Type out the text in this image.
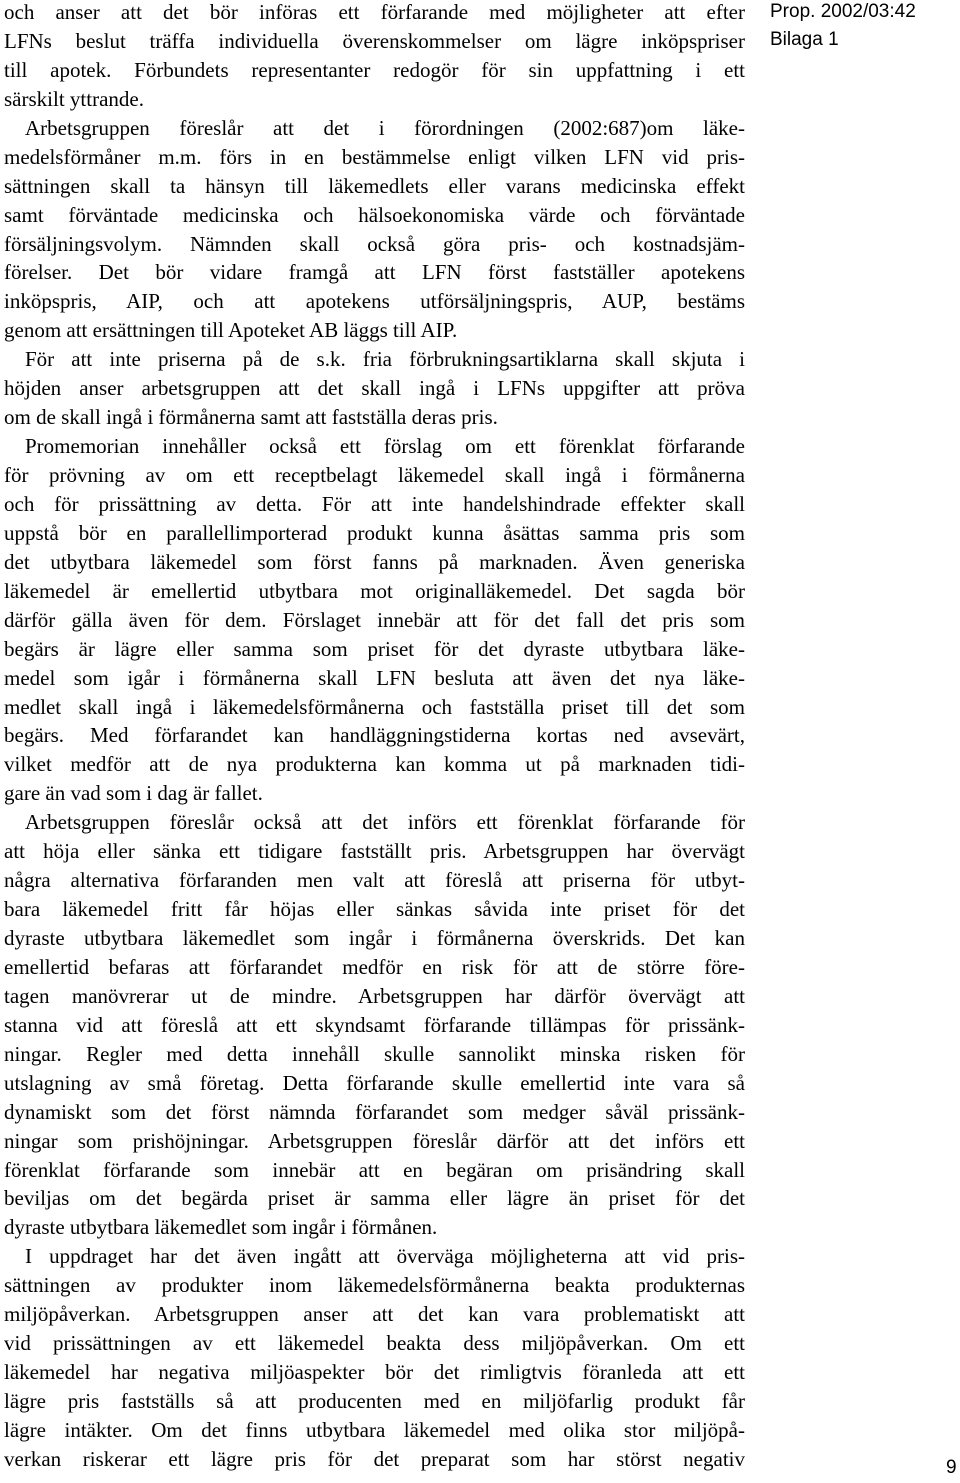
och anser att det bör införas ett förfarande med möjligheter att efter
LFNs beslut träffa individuella överenskommelser om lägre inköpspriser
till apotek. Förbundets representanter redogör för sin uppfattning i ett
särskilt yttrande.
Arbetsgruppen föreslår att det i förordningen (2002:687)om läke-
medelsförmåner m.m. förs in en bestämmelse enligt vilken LFN vid pris-
sättningen skall ta hänsyn till läkemedlets eller varans medicinska effekt
samt förväntade medicinska och hälsoekonomiska värde och förväntade
försäljningsvolym. Nämnden skall också göra pris- och kostnadsjäm-
förelser. Det bör vidare framgå att LFN först fastställer apotekens
inköpspris, AIP, och att apotekens utförsäljningspris, AUP, bestäms
genom att ersättningen till Apoteket AB läggs till AIP.
För att inte priserna på de s.k. fria förbrukningsartiklarna skall skjuta i
höjden anser arbetsgruppen att det skall ingå i LFNs uppgifter att pröva
om de skall ingå i förmånerna samt att fastställa deras pris.
Promemorian innehåller också ett förslag om ett förenklat förfarande
för prövning av om ett receptbelagt läkemedel skall ingå i förmånerna
och för prissättning av detta. För att inte handelshindrade effekter skall
uppstå bör en parallellimporterad produkt kunna åsättas samma pris som
det utbytbara läkemedel som först fanns på marknaden. Även generiska
läkemedel är emellertid utbytbara mot originalläkemedel. Det sagda bör
därför gälla även för dem. Förslaget innebär att för det fall det pris som
begärs är lägre eller samma som priset för det dyraste utbytbara läke-
medel som igår i förmånerna skall LFN besluta att även det nya läke-
medlet skall ingå i läkemedelsförmånerna och fastställa priset till det som
begärs. Med förfarandet kan handläggningstiderna kortas ned avsevärt,
vilket medför att de nya produkterna kan komma ut på marknaden tidi-
gare än vad som i dag är fallet.
Arbetsgruppen föreslår också att det införs ett förenklat förfarande för
att höja eller sänka ett tidigare fastställt pris. Arbetsgruppen har övervägt
några alternativa förfaranden men valt att föreslå att priserna för utbyt-
bara läkemedel fritt får höjas eller sänkas såvida inte priset för det
dyraste utbytbara läkemedlet som ingår i förmånerna överskrids. Det kan
emellertid befaras att förfarandet medför en risk för att de större före-
tagen manövrerar ut de mindre. Arbetsgruppen har därför övervägt att
stanna vid att föreslå att ett skyndsamt förfarande tillämpas för prissänk-
ningar. Regler med detta innehåll skulle sannolikt minska risken för
utslagning av små företag. Detta förfarande skulle emellertid inte vara så
dynamiskt som det först nämnda förfarandet som medger såväl prissänk-
ningar som prishöjningar. Arbetsgruppen föreslår därför att det införs ett
förenklat förfarande som innebär att en begäran om prisändring skall
beviljas om det begärda priset är samma eller lägre än priset för det
dyraste utbytbara läkemedlet som ingår i förmånen.
I uppdraget har det även ingått att överväga möjligheterna att vid pris-
sättningen av produkter inom läkemedelsförmånerna beakta produkternas
miljöpåverkan. Arbetsgruppen anser att det kan vara problematiskt att
vid prissättningen av ett läkemedel beakta dess miljöpåverkan. Om ett
läkemedel har negativa miljöaspekter bör det rimligtvis föranleda att ett
lägre pris fastställs så att producenten med en miljöfarlig produkt får
lägre intäkter. Om det finns utbytbara läkemedel med olika stor miljöpå-
verkan riskerar ett lägre pris för det preparat som har störst negativ
Prop. 2002/03:42
Bilaga 1
9
